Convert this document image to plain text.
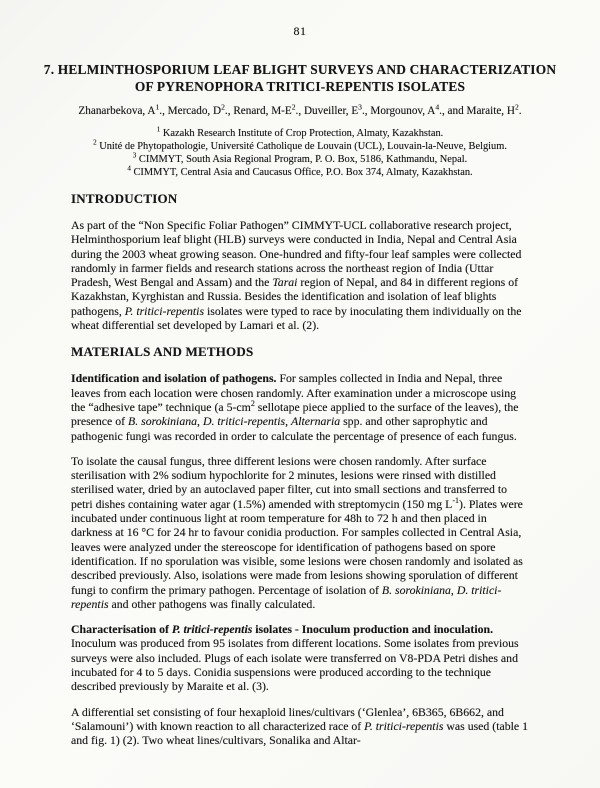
81
7. HELMINTHOSPORIUM LEAF BLIGHT SURVEYS AND CHARACTERIZATION
OF PYRENOPHORA TRITICI-REPENTIS ISOLATES
Zhanarbekova, $A^1$., Mercado, $D^2$., Renard, $M-E^2$., Duveiller, $E^3$., Morgounov, $A^4$., and Maraite, $H^2$.
$^1$ Kazakh Research Institute of Crop Protection, Almaty, Kazakhstan.
$^2$ Unité de Phytopathologie, Université Catholique de Louvain (UCL), Louvain-la-Neuve, Belgium.
$^3$ CIMMYT, South Asia Regional Program, P. O. Box, 5186, Kathmandu, Nepal.
$^4$ CIMMYT, Central Asia and Caucasus Office, P.O. Box 374, Almaty, Kazakhstan.
INTRODUCTION

As part of the “Non Specific Foliar Pathogen” CIMMYT-UCL collaborative research project, Helminthosporium leaf blight (HLB) surveys were conducted in India, Nepal and Central Asia during the 2003 wheat growing season. One-hundred and fifty-four leaf samples were collected randomly in farmer fields and research stations across the northeast region of India (Uttar Pradesh, West Bengal and Assam) and the Tarai region of Nepal, and 84 in different regions of Kazakhstan, Kyrghistan and Russia. Besides the identification and isolation of leaf blights pathogens, P. tritici-repentis isolates were typed to race by inoculating them individually on the wheat differential set developed by Lamari et al. (2).

MATERIALS AND METHODS

Identification and isolation of pathogens. For samples collected in India and Nepal, three leaves from each location were chosen randomly. After examination under a microscope using the “adhesive tape” technique (a $5-cm^2$ sellotape piece applied to the surface of the leaves), the presence of B. sorokiniana, D. tritici-repentis, Alternaria spp. and other saprophytic and pathogenic fungi was recorded in order to calculate the percentage of presence of each fungus.

To isolate the causal fungus, three different lesions were chosen randomly. After surface sterilisation with 2% sodium hypochlorite for 2 minutes, lesions were rinsed with distilled sterilised water, dried by an autoclaved paper filter, cut into small sections and transferred to petri dishes containing water agar (1.5%) amended with streptomycin (150 mg $L^{-1}$). Plates were incubated under continuous light at room temperature for 48h to 72 h and then placed in darkness at 16 °C for 24 hr to favour conidia production. For samples collected in Central Asia, leaves were analyzed under the stereoscope for identification of pathogens based on spore identification. If no sporulation was visible, some lesions were chosen randomly and isolated as described previously. Also, isolations were made from lesions showing sporulation of different fungi to confirm the primary pathogen. Percentage of isolation of B. sorokiniana, D. tritici-repentis and other pathogens was finally calculated.

Characterisation of P. tritici-repentis isolates - Inoculum production and inoculation. Inoculum was produced from 95 isolates from different locations. Some isolates from previous surveys were also included. Plugs of each isolate were transferred on V8-PDA Petri dishes and incubated for 4 to 5 days. Conidia suspensions were produced according to the technique described previously by Maraite et al. (3).

A differential set consisting of four hexaploid lines/cultivars (‘Glenlea’, 6B365, 6B662, and ‘Salamouni’) with known reaction to all characterized race of P. tritici-repentis was used (table 1 and fig. 1) (2). Two wheat lines/cultivars, Sonalika and Altar-
